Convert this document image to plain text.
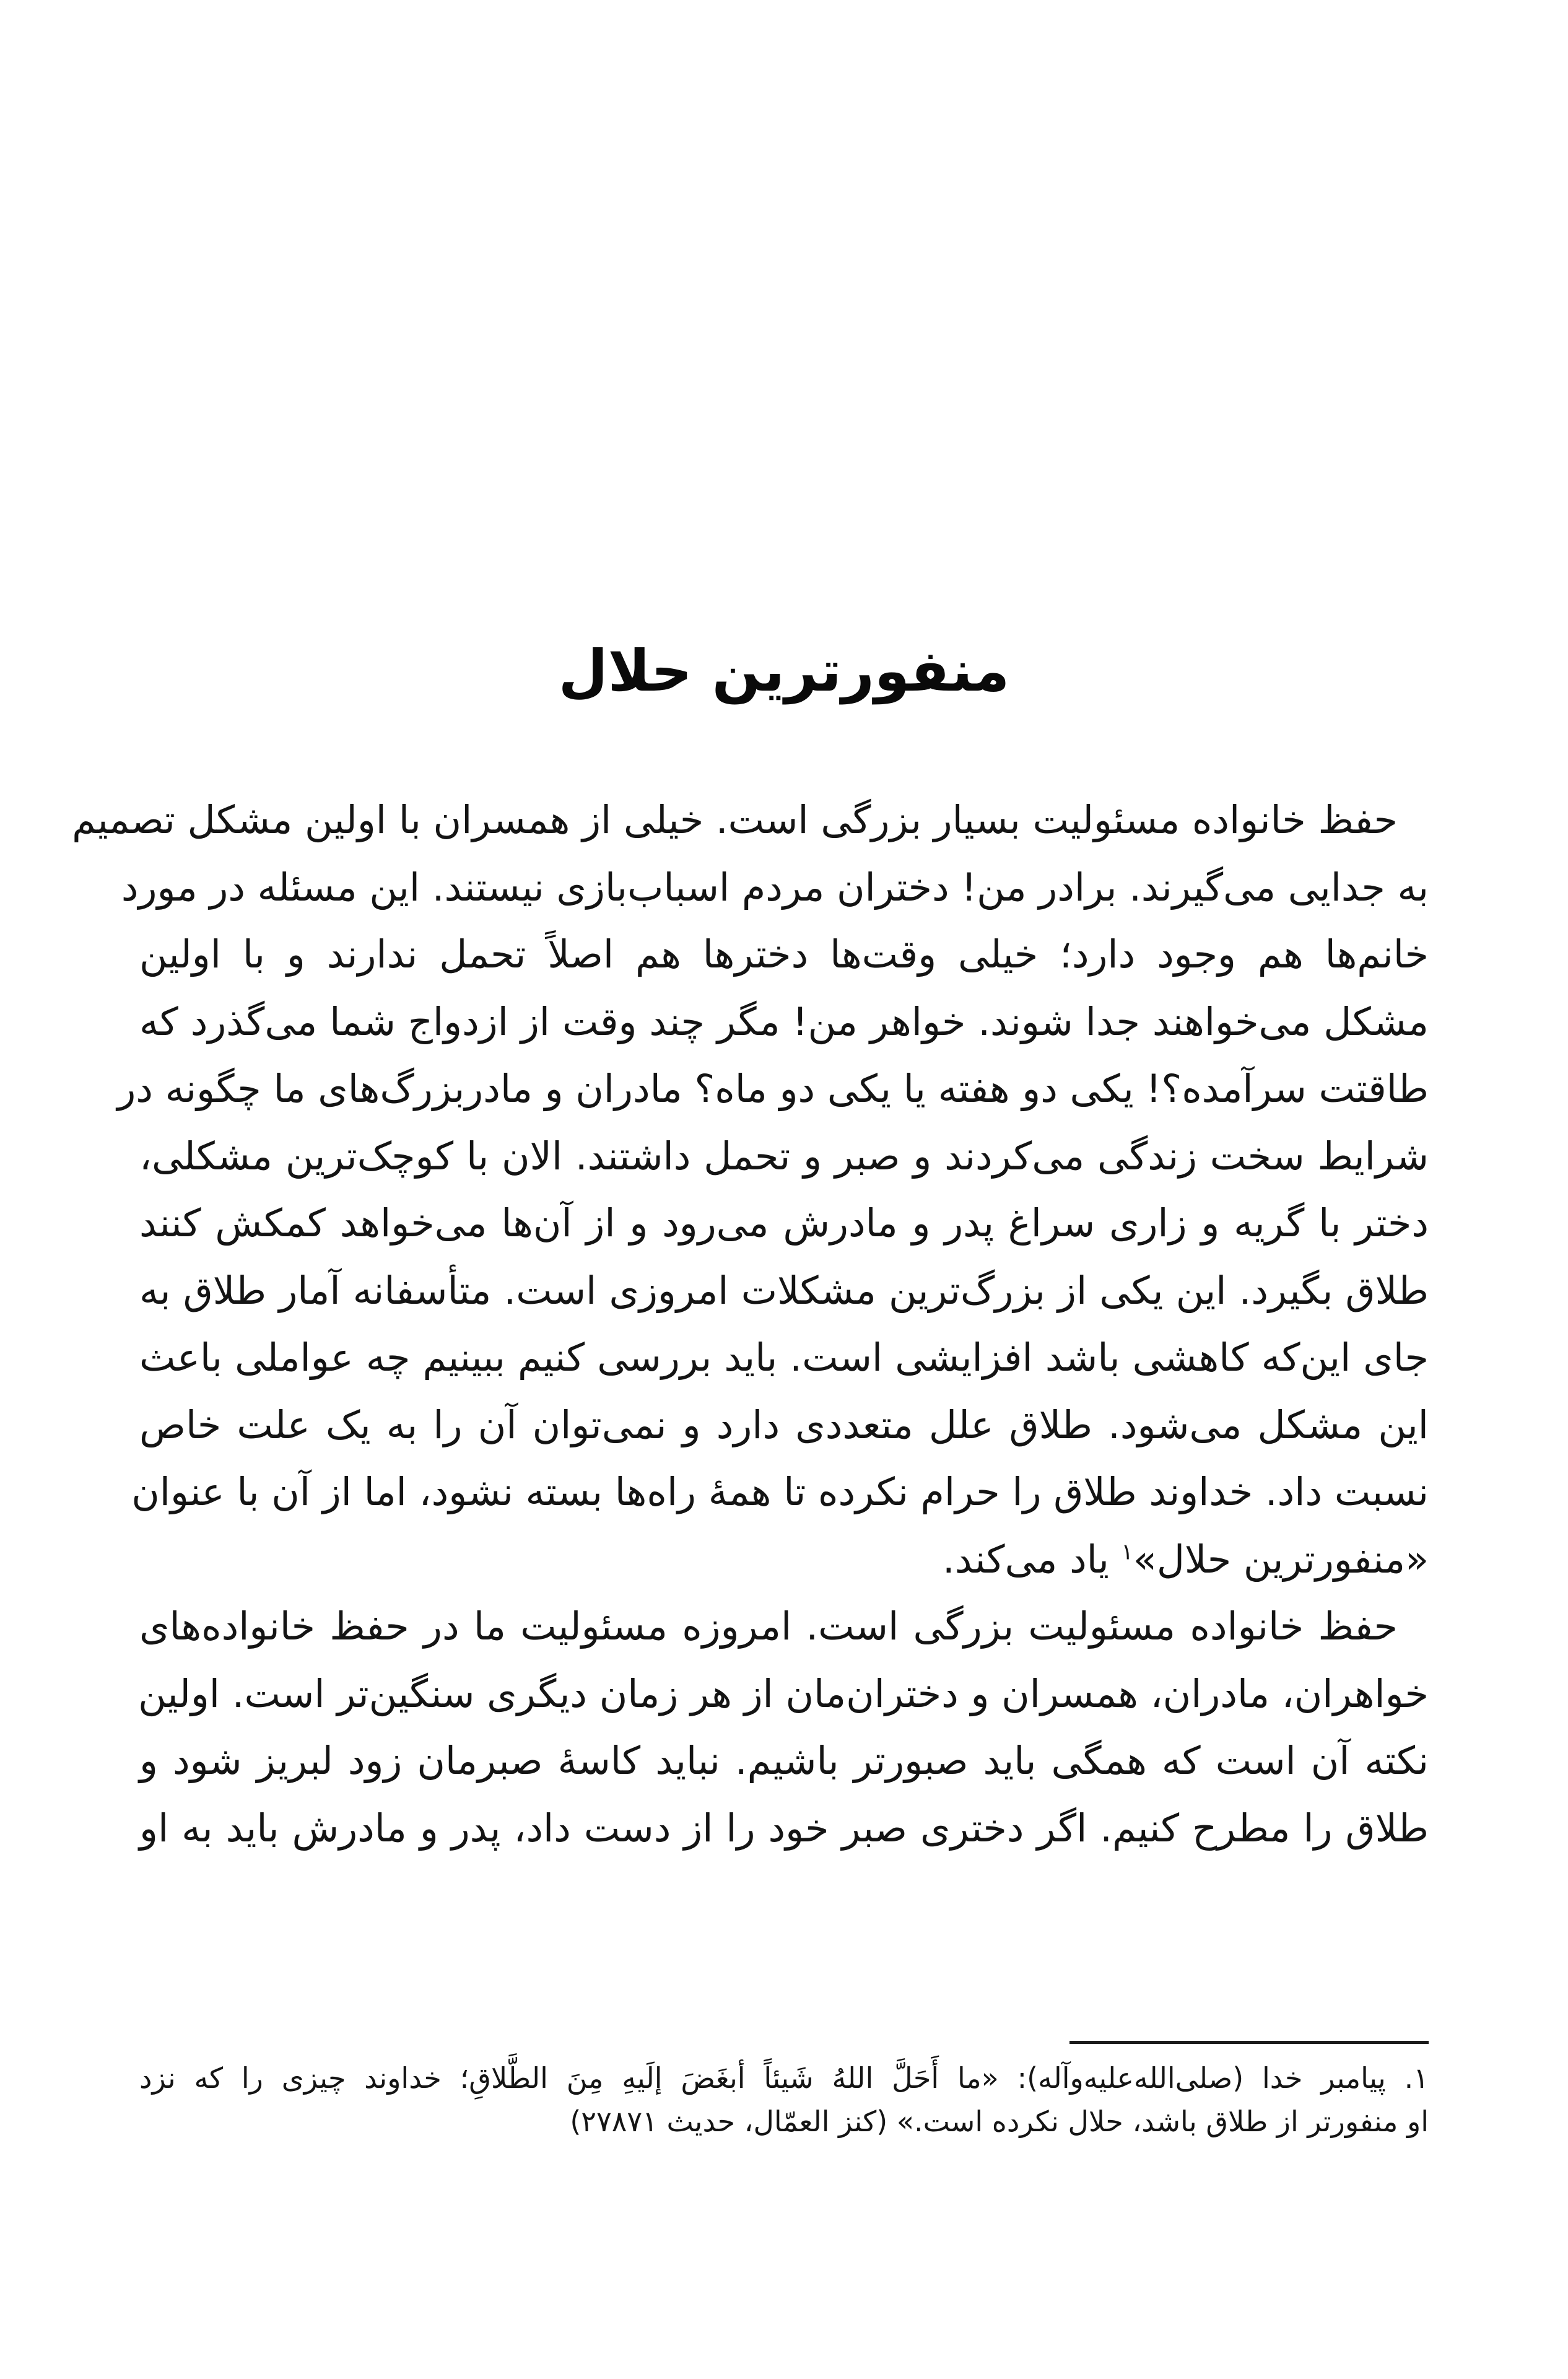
منفورترین حلال
حفظ خانواده مسئولیت بسیار بزرگی است. خیلی از همسران با اولین مشکل تصمیم
به جدایی می‌گیرند. برادر من! دختران مردم اسباب‌بازی نیستند. این مسئله در مورد
خانم‌ها هم وجود دارد؛ خیلی وقت‌ها دخترها هم اصلاً تحمل ندارند و با اولین
مشکل می‌خواهند جدا شوند. خواهر من! مگر چند وقت از ازدواج شما می‌گذرد که
طاقتت سرآمده؟! یکی دو هفته یا یکی دو ماه؟ مادران و مادربزرگ‌های ما چگونه در
شرایط سخت زندگی می‌کردند و صبر و تحمل داشتند. الان با کوچک‌ترین مشکلی،
دختر با گریه و زاری سراغ پدر و مادرش می‌رود و از آن‌ها می‌خواهد کمکش کنند
طلاق بگیرد. این یکی از بزرگ‌ترین مشکلات امروزی است. متأسفانه آمار طلاق به
جای این‌که کاهشی باشد افزایشی است. باید بررسی کنیم ببینیم چه عواملی باعث
این مشکل می‌شود. طلاق علل متعددی دارد و نمی‌توان آن را به یک علت خاص
نسبت داد. خداوند طلاق را حرام نکرده تا همهٔ راه‌ها بسته نشود، اما از آن با عنوان
«منفورترین حلال»$^۱$ یاد می‌کند.
حفظ خانواده مسئولیت بزرگی است. امروزه مسئولیت ما در حفظ خانواده‌های
خواهران، مادران، همسران و دختران‌مان از هر زمان دیگری سنگین‌تر است. اولین
نکته آن است که همگی باید صبورتر باشیم. نباید کاسهٔ صبرمان زود لبریز شود و
طلاق را مطرح کنیم. اگر دختری صبر خود را از دست داد، پدر و مادرش باید به او
۱. پیامبر خدا (صلی‌الله‌علیه‌وآله): «ما أَحَلَّ اللهُ شَیئاً أبغَضَ إلَیهِ مِنَ الطَّلاقِ؛ خداوند چیزی را که نزد
او منفورتر از طلاق باشد، حلال نکرده است.» (کنز العمّال، حدیث ۲۷۸۷۱)
